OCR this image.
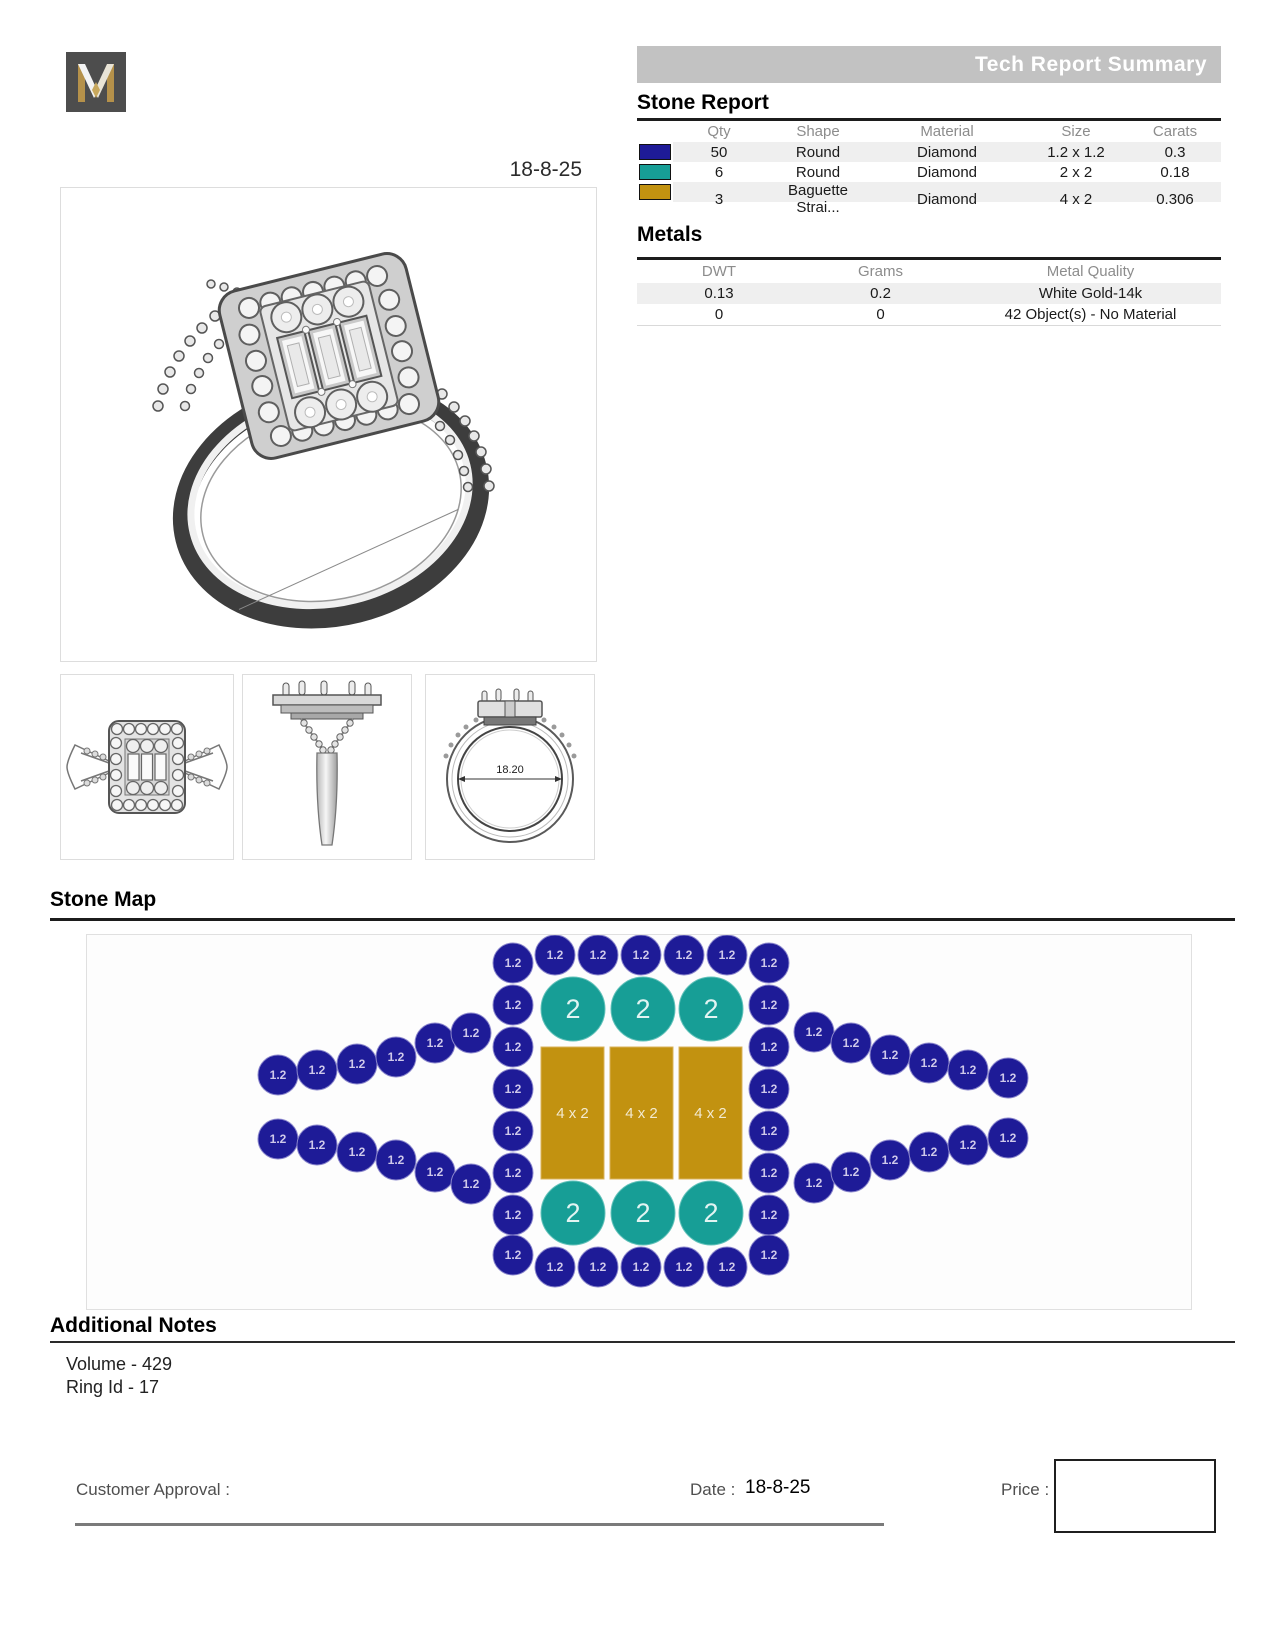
18-8-25
Tech Report Summary
Stone Report
Qty	Shape	Material	Size	Carats
50	Round	Diamond	1.2 x 1.2	0.3
6	Round	Diamond	2 x 2	0.18
3	Baguette Strai...	Diamond	4 x 2	0.306
Metals
DWT	Grams	Metal Quality
0.13	0.2	White Gold-14k
0	0	42 Object(s) - No Material
18.20
Stone Map
4 x 2 4 x 2 4 x 2
2 2 2
2 2 2
1.2 1.2 1.2 1.2 1.2
1.2 1.2 1.2 1.2 1.2
1.2
1.2
1.2
1.2
1.2
1.2
1.2
1.2
1.2
1.2
1.2
1.2
1.2
1.2
1.2
1.2
1.2 1.2 1.2 1.2
1.2
1.2
1.2 1.2 1.2
1.2
1.2
1.2
1.2
1.2
1.2
1.2 1.2
1.2
1.2
1.2
1.2
1.2 1.2 1.2
Additional Notes
Volume - 429
Ring Id - 17
Customer Approval :	Date : 18-8-25	Price :
